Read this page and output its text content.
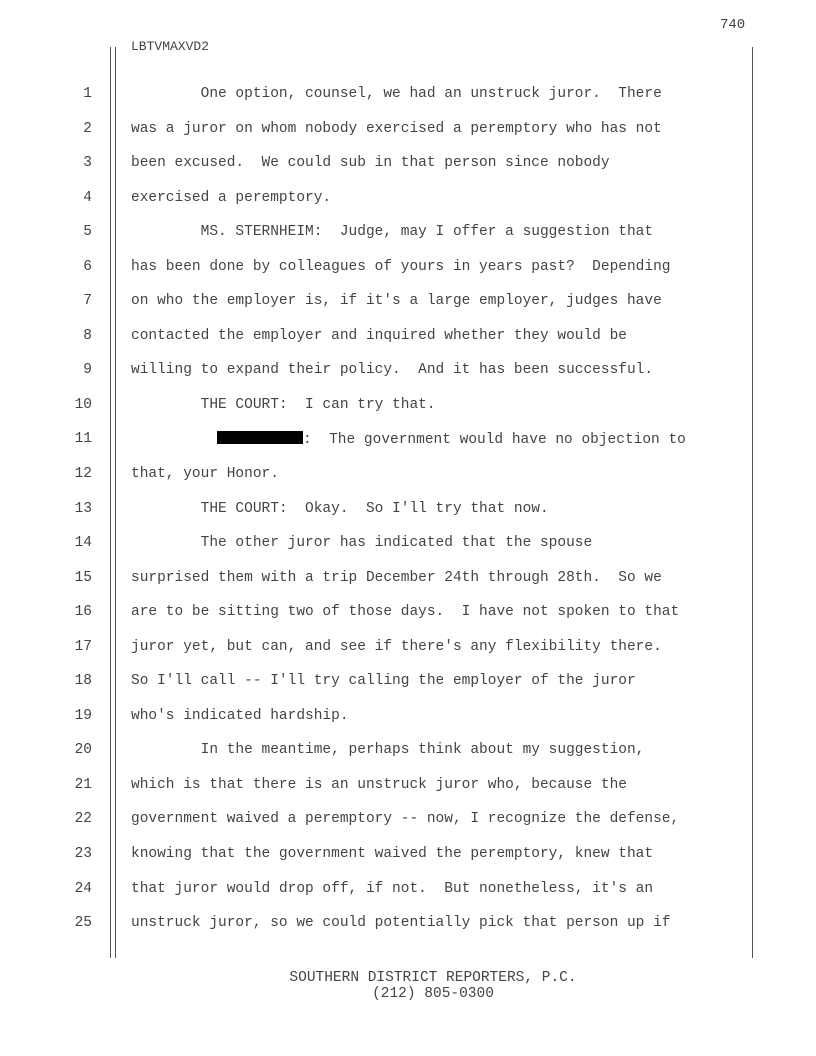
740
LBTVMAXVD2
1	One option, counsel, we had an unstruck juror.  There
2	was a juror on whom nobody exercised a peremptory who has not
3	been excused.  We could sub in that person since nobody
4	exercised a peremptory.
5	MS. STERNHEIM:  Judge, may I offer a suggestion that
6	has been done by colleagues of yours in years past?  Depending
7	on who the employer is, if it's a large employer, judges have
8	contacted the employer and inquired whether they would be
9	willing to expand their policy.  And it has been successful.
10	THE COURT:  I can try that.
11	:  The government would have no objection to
12	that, your Honor.
13	THE COURT:  Okay.  So I'll try that now.
14	The other juror has indicated that the spouse
15	surprised them with a trip December 24th through 28th.  So we
16	are to be sitting two of those days.  I have not spoken to that
17	juror yet, but can, and see if there's any flexibility there.
18	So I'll call -- I'll try calling the employer of the juror
19	who's indicated hardship.
20	In the meantime, perhaps think about my suggestion,
21	which is that there is an unstruck juror who, because the
22	government waived a peremptory -- now, I recognize the defense,
23	knowing that the government waived the peremptory, knew that
24	that juror would drop off, if not.  But nonetheless, it's an
25	unstruck juror, so we could potentially pick that person up if
SOUTHERN DISTRICT REPORTERS, P.C.
(212) 805-0300
